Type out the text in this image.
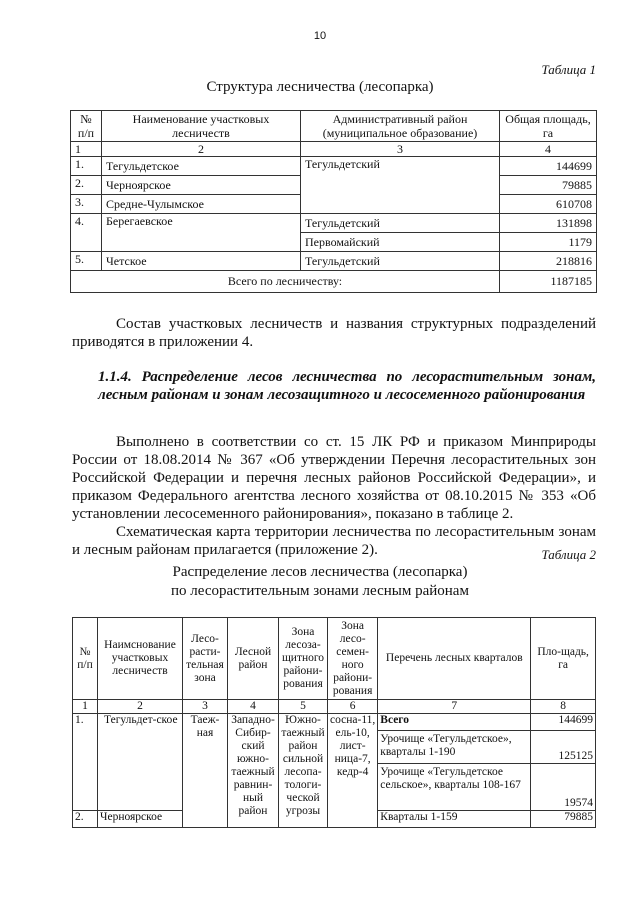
10
Таблица 1
Структура лесничества (лесопарка)
№ п/п	Наименование участковых лесничеств	Административный район (муниципальное образование)	Общая площадь, га
1	2	3	4
1.	Тегульдетское	Тегульдетский	144699
2.	Черноярское		79885
3.	Средне-Чулымское		610708
4.	Берегаевское	Тегульдетский	131898
		Первомайский	1179
5.	Четское	Тегульдетский	218816
Всего по лесничеству:			1187185

Состав участковых лесничеств и названия структурных подразделений приводятся в приложении 4.

1.1.4. Распределение лесов лесничества по лесорастительным зонам, лесным районам и зонам лесозащитного и лесосеменного районирования

Выполнено в соответствии со ст. 15 ЛК РФ и приказом Минприроды России от 18.08.2014 № 367 «Об утверждении Перечня лесорастительных зон Российской Федерации и перечня лесных районов Российской Федерации», и приказом Федерального агентства лесного хозяйства от 08.10.2015 № 353 «Об установлении лесосеменного районирования», показано в таблице 2.

Схематическая карта территории лесничества по лесорастительным зонам и лесным районам прилагается (приложение 2).	Таблица 2
Распределение лесов лесничества (лесопарка)
по лесорастительным зонами лесным районам
№ п/п	Наимснование участковых лесничеств	Лесо-расти-тельная зона	Лесной район	Зона лесоза-щитного райони-рования	Зона лесо-семен-ного райони-рования	Перечень лесных кварталов	Пло-щадь, га
1	2	3	4	5	6	7	8
1.	Тегульдет-ское	Таеж-ная	Западно-Сибир-ский южно-таежный равнин-ный район	Южно-таежный район сильной лесопа-тологи-ческой угрозы	сосна-11, ель-10, лист-ница-7, кедр-4	Всего	144699
						Урочище «Тегульдетское», кварталы 1-190	125125
						Урочище «Тегульдетское сельское», кварталы 108-167	19574
2.	Черноярское					Кварталы 1-159	79885
